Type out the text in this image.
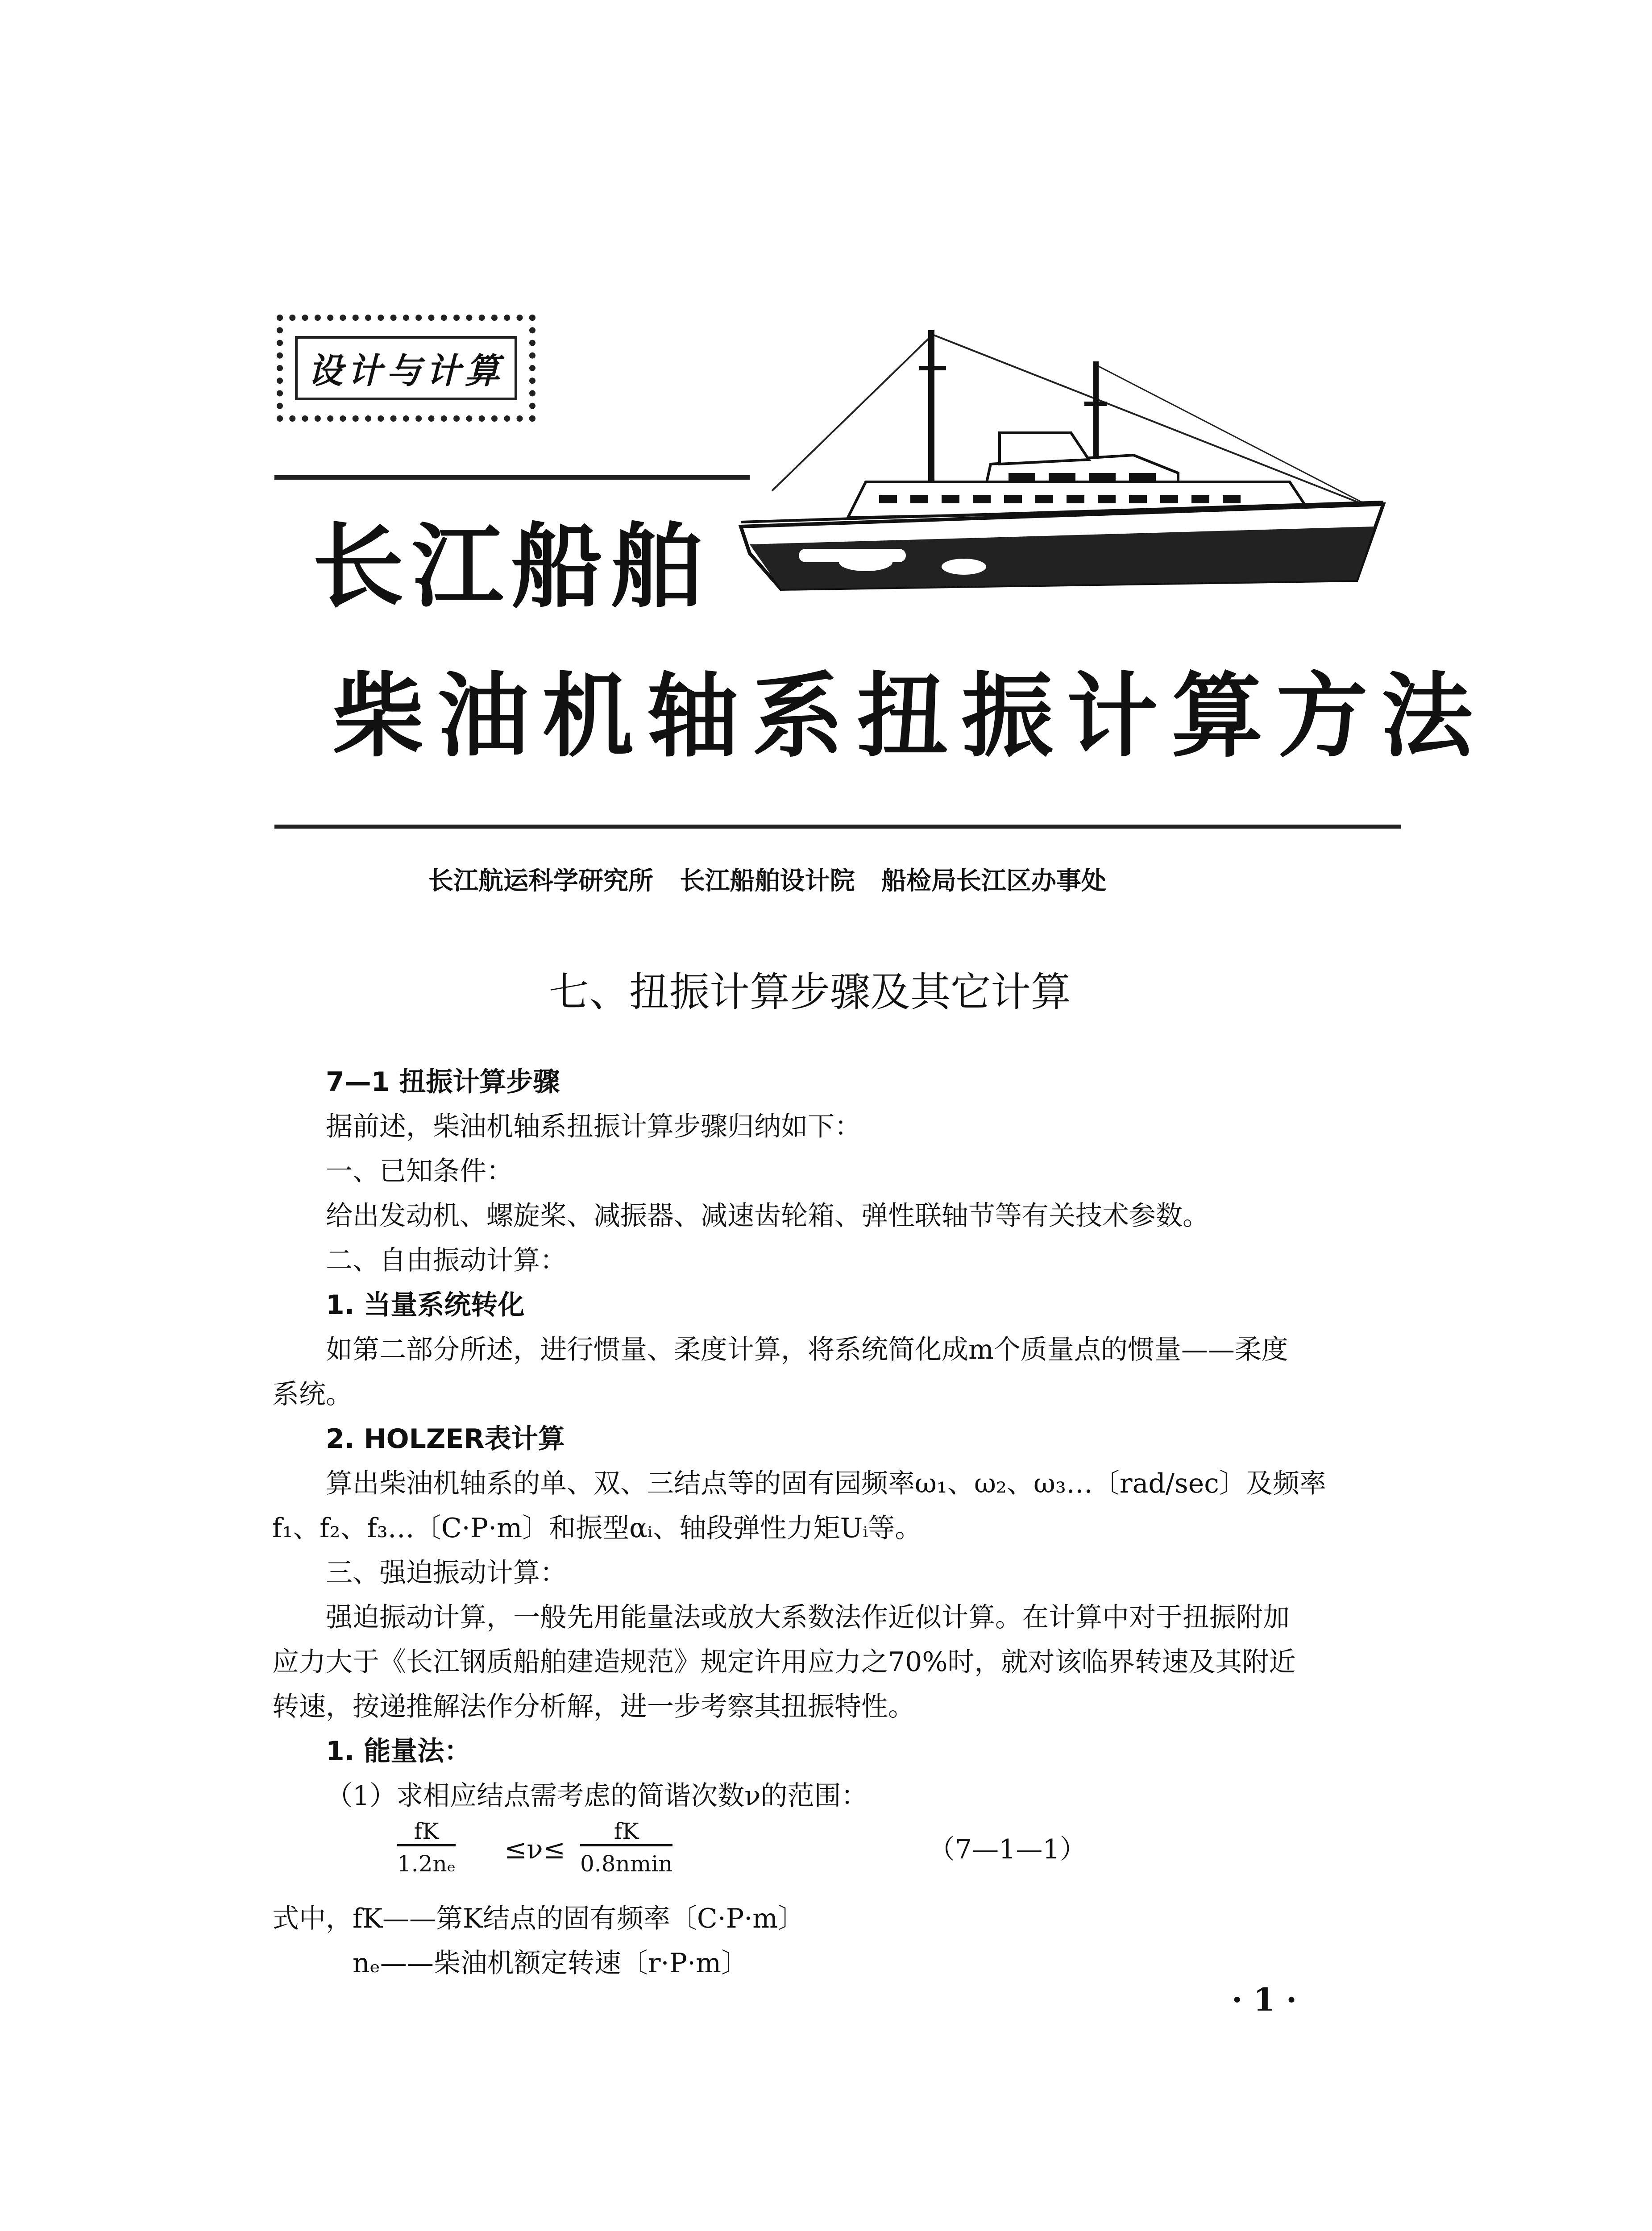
设计与计算
长江船舶
柴油机轴系扭振计算方法
长江航运科学研究所 长江船舶设计院 船检局长江区办事处
七、扭振计算步骤及其它计算
7—1 扭振计算步骤
据前述，柴油机轴系扭振计算步骤归纳如下：
一、已知条件：
给出发动机、螺旋桨、减振器、减速齿轮箱、弹性联轴节等有关技术参数。
二、自由振动计算：
1. 当量系统转化
如第二部分所述，进行惯量、柔度计算，将系统简化成m个质量点的惯量——柔度
系统。
2. HOLZER表计算
算出柴油机轴系的单、双、三结点等的固有园频率ω₁、ω₂、ω₃…〔rad/sec〕及频率
f₁、f₂、f₃…〔C·P·m〕和振型αᵢ、轴段弹性力矩Uᵢ等。
三、强迫振动计算：
强迫振动计算，一般先用能量法或放大系数法作近似计算。在计算中对于扭振附加
应力大于《长江钢质船舶建造规范》规定许用应力之70%时，就对该临界转速及其附近
转速，按递推解法作分析解，进一步考察其扭振特性。
1. 能量法：
（1）求相应结点需考虑的简谐次数ν的范围：
$\frac{fK}{\text{1.2nₑ}} \le\nu\le$
fK
0.8nmin	（7—1—1）
式中，fK——第K结点的固有频率〔C·P·m〕
nₑ——柴油机额定转速〔r·P·m〕
· 1 ·
